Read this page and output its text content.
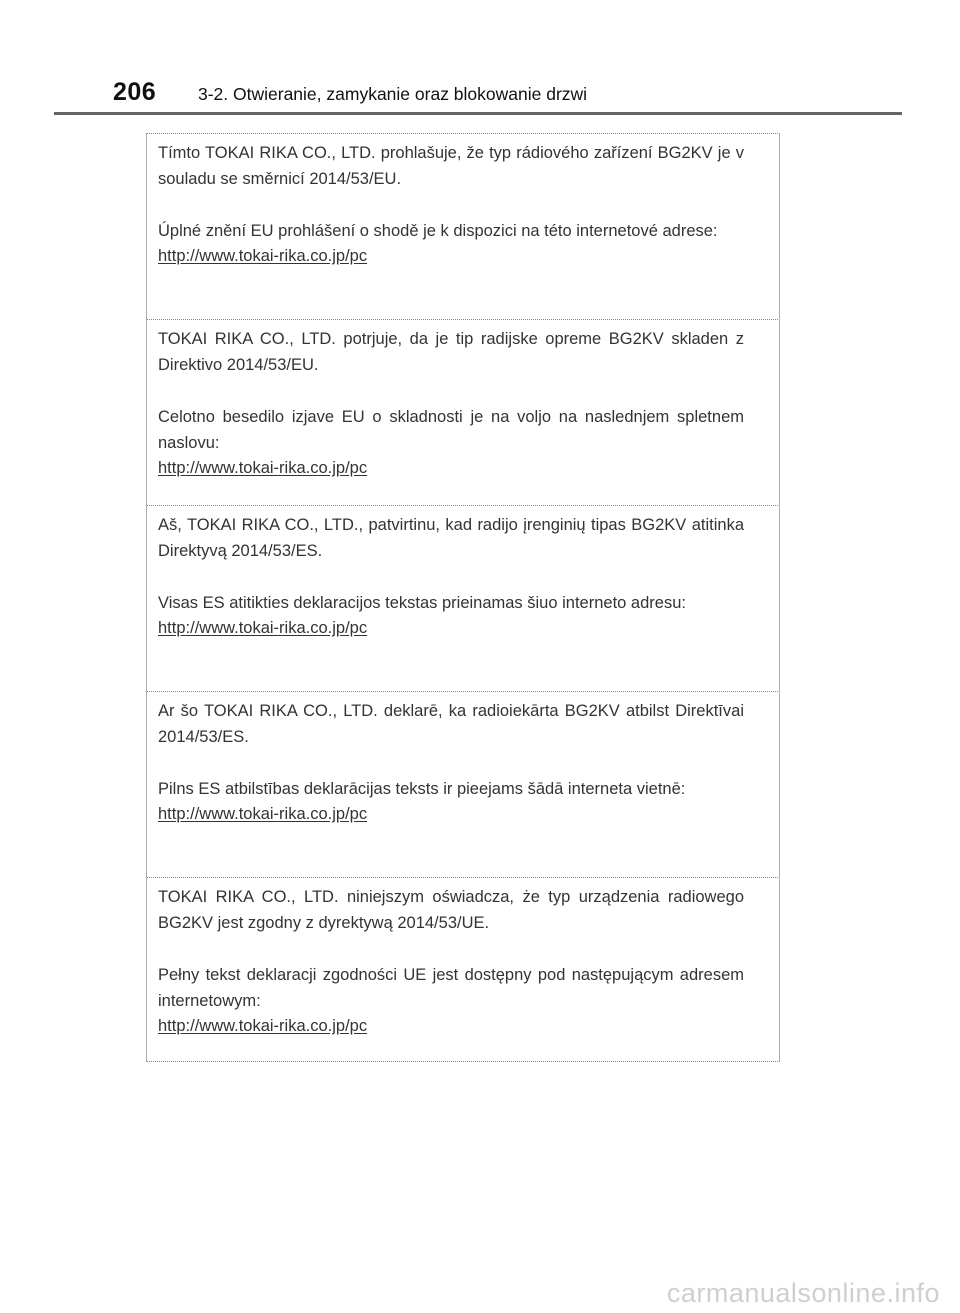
206 3-2. Otwieranie, zamykanie oraz blokowanie drzwi

Tímto TOKAI RIKA CO., LTD. prohlašuje, že typ rádiového zařízení BG2KV je v souladu se směrnicí 2014/53/EU.

Úplné znění EU prohlášení o shodě je k dispozici na této internetové adrese:

http://www.tokai-rika.co.jp/pc

TOKAI RIKA CO., LTD. potrjuje, da je tip radijske opreme BG2KV skladen z Direktivo 2014/53/EU.

Celotno besedilo izjave EU o skladnosti je na voljo na naslednjem spletnem naslovu:

http://www.tokai-rika.co.jp/pc

Aš, TOKAI RIKA CO., LTD., patvirtinu, kad radijo įrenginių tipas BG2KV atitinka Direktyvą 2014/53/ES.

Visas ES atitikties deklaracijos tekstas prieinamas šiuo interneto adresu:

http://www.tokai-rika.co.jp/pc

Ar šo TOKAI RIKA CO., LTD. deklarē, ka radioiekārta BG2KV atbilst Direktīvai 2014/53/ES.

Pilns ES atbilstības deklarācijas teksts ir pieejams šādā interneta vietnē:

http://www.tokai-rika.co.jp/pc

TOKAI RIKA CO., LTD. niniejszym oświadcza, że typ urządzenia radiowego BG2KV jest zgodny z dyrektywą 2014/53/UE.

Pełny tekst deklaracji zgodności UE jest dostępny pod następującym adresem internetowym:

http://www.tokai-rika.co.jp/pc
carmanualsonline.info
